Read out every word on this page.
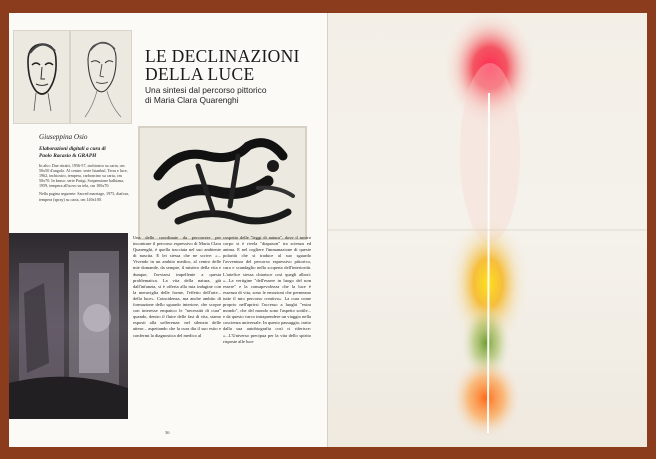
LE DECLINAZIONI
DELLA LUCE

Una sintesi dal percorso pittorico
di Maria Clara Quarenghi

Giuseppina Osio

Elaborazioni digitali a cura di
Paolo Racasio & GRAPH

In alto: Due ritratti, 1956-57, inchiostro su carta, cm 50x50 d'angolo. Al centro: serie Istanbul, Terra e luce, 1962, inchiostro, tempera, carboncino su carta, cm 50x70. In basso: serie Parigi, Sospensione balkiana, 1959, tempera all'uovo su tela, cm 100x70.

Nella pagina seguente: Sacred marriage, 1975, diafora, tempera (spray) su carta, cm 140x100.

Una delle coordinate da percorrere per incontrare il percorso espressivo di Maria Clara Quarenghi, è quella tracciata nel suo ambiente di nascita. E lei stessa che ne scrive: «... Vivendo in un ambito medico, al centro delle mie domande, da sempre, il mistero della vita e dunque, l'avviarsi impellente a questa problematica. La vita della natura, già dall'infanzia, si è offerta alla mia indagine con la meraviglia delle forme, l'effetto dell'arte... della luce». Coincidenza, ma anche ambito di formazione dello sguardo interiore, che scopre con interesse empatico le "necessità di cura" quando, dentro il fluire delle fasi di vita, siamo esposti alla sofferenza: nel silenzio delle attese... aspettando che la cura dia il suo esito e confermi la diagnostica del medico al
cospetto delle "leggi di natura", dove il nostro corpo si è rivela "diapason" tra scienza ed anima. E nel cogliere l'immanazione di queste polarità che si traduce al suo sguardo l'avventura del percorso espressivo pittorico, cura e scandaglio nella scoperta dell'interiorità. L'artefice stessa chiarisce così quegli albori: «...La vertigine "dell'essere in luogo del non essere" e la consapevolezza che la luce è essenza di vita, sono le emozioni che permeano tutte il mio percorso creativo». La cura come proprio nell'aprirsi l'accesso a luoghi "extra mondo", che del mondo sono l'aspetto sottile... e da questo varco intraprendere un viaggio nella coscienza universale. In questo passaggio, tratto dalla sua autobiografia così ci riferisce: «...L'Universo precipua per la vita dello spirito risposte alle luce
36
